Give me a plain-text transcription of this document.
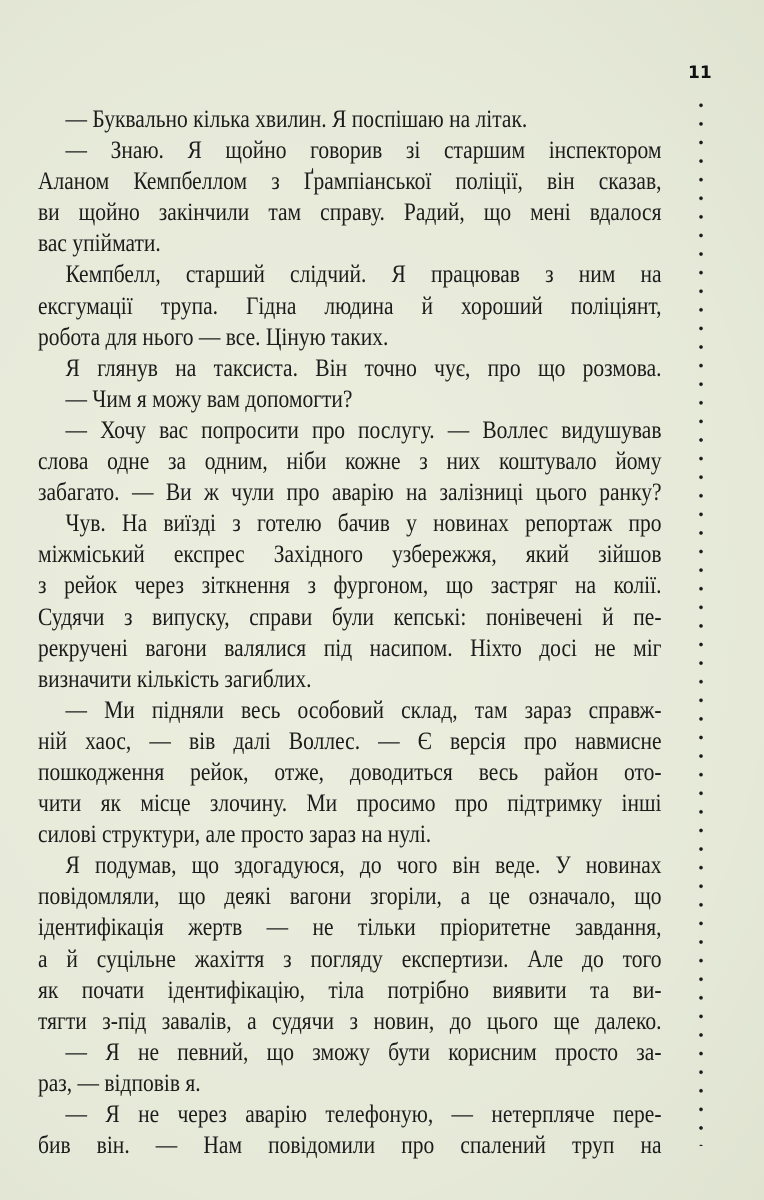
11
— Буквально кілька хвилин. Я поспішаю на літак.
— Знаю. Я щойно говорив зі старшим інспектором
Аланом Кемпбеллом з Ґрампіанської поліції, він сказав,
ви щойно закінчили там справу. Радий, що мені вдалося
вас упіймати.
Кемпбелл, старший слідчий. Я працював з ним на
ексгумації трупа. Гідна людина й хороший поліціянт,
робота для нього — все. Ціную таких.
Я глянув на таксиста. Він точно чує, про що розмова.
— Чим я можу вам допомогти?
— Хочу вас попросити про послугу. — Воллес видушував
слова одне за одним, ніби кожне з них коштувало йому
забагато. — Ви ж чули про аварію на залізниці цього ранку?
Чув. На виїзді з готелю бачив у новинах репортаж про
міжміський експрес Західного узбережжя, який зійшов
з рейок через зіткнення з фургоном, що застряг на колії.
Судячи з випуску, справи були кепські: понівечені й пе-
рекручені вагони валялися під насипом. Ніхто досі не міг
визначити кількість загиблих.
— Ми підняли весь особовий склад, там зараз справж-
ній хаос, — вів далі Воллес. — Є версія про навмисне
пошкодження рейок, отже, доводиться весь район ото-
чити як місце злочину. Ми просимо про підтримку інші
силові структури, але просто зараз на нулі.
Я подумав, що здогадуюся, до чого він веде. У новинах
повідомляли, що деякі вагони згоріли, а це означало, що
ідентифікація жертв — не тільки пріоритетне завдання,
а й суцільне жахіття з погляду експертизи. Але до того
як почати ідентифікацію, тіла потрібно виявити та ви-
тягти з-під завалів, а судячи з новин, до цього ще далеко.
— Я не певний, що зможу бути корисним просто за-
раз, — відповів я.
— Я не через аварію телефоную, — нетерпляче пере-
бив він. — Нам повідомили про спалений труп на
